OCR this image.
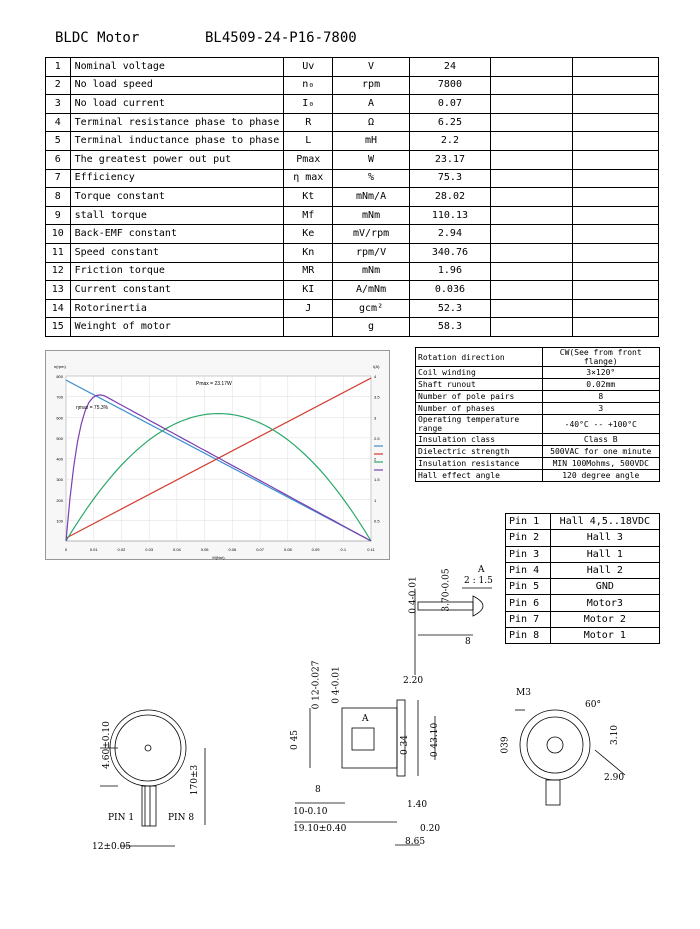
BLDC Motor	BL4509-24-P16-7800
1	Nominal voltage	Uv	V	24		
2	No load speed	n₀	rpm	7800		
3	No load current	I₀	A	0.07		
4	Terminal resistance phase to phase	R	Ω	6.25		
5	Terminal inductance phase to phase	L	mH	2.2		
6	The greatest power out put	Pmax	W	23.17		
7	Efficiency	η max	%	75.3		
8	Torque constant	Kt	mNm/A	28.02		
9	stall torque	Mf	mNm	110.13		
10	Back-EMF constant	Ke	mV/rpm	2.94		
11	Speed constant	Kn	rpm/V	340.76		
12	Friction torque	MR	mNm	1.96		
13	Current constant	KI	A/mNm	0.036		
14	Rotorinertia	J	gcm²	52.3		
15	Weinght of motor		g	58.3		
0	0.01	0.02	0.03	0.04	0.05	0.06	0.07	0.08	0.09	0.1	0.11
800
700
600
500
400
300
200
100
4
3.5
3
2.5
2
1.5
1
0.5
n(rpm)	I(A)
M(Nm)
Pmax = 23.17W
ηmax = 75.3%
Rotation direction	CW(See from front flange)
Coil winding	3×120°
Shaft runout	0.02mm
Number of pole pairs	8
Number of phases	3
Operating temperature range	-40°C -- +100°C
Insulation class	Class B
Dielectric strength	500VAC for one minute
Insulation resistance	MIN 100Mohms, 500VDC
Hall effect angle	120 degree angle
Pin 1	Hall 4,5..18VDC
Pin 2	Hall 3
Pin 3	Hall 1
Pin 4	Hall 2
Pin 5	GND
Pin 6	Motor3
Pin 7	Motor 2
Pin 8	Motor 1
4.60±0.10
170±3
PIN 1	PIN 8
12±0.05
A
2 : 1.5
0 4-0.01	3.70-0.05
8
0 12-0.027 0 4-0.01	2.20
A
0 45	0 34 0 43.10
8
10-0.10
19.10±0.40
1.40
0.20
8.65
M3
60°
3.10
039
2.90
